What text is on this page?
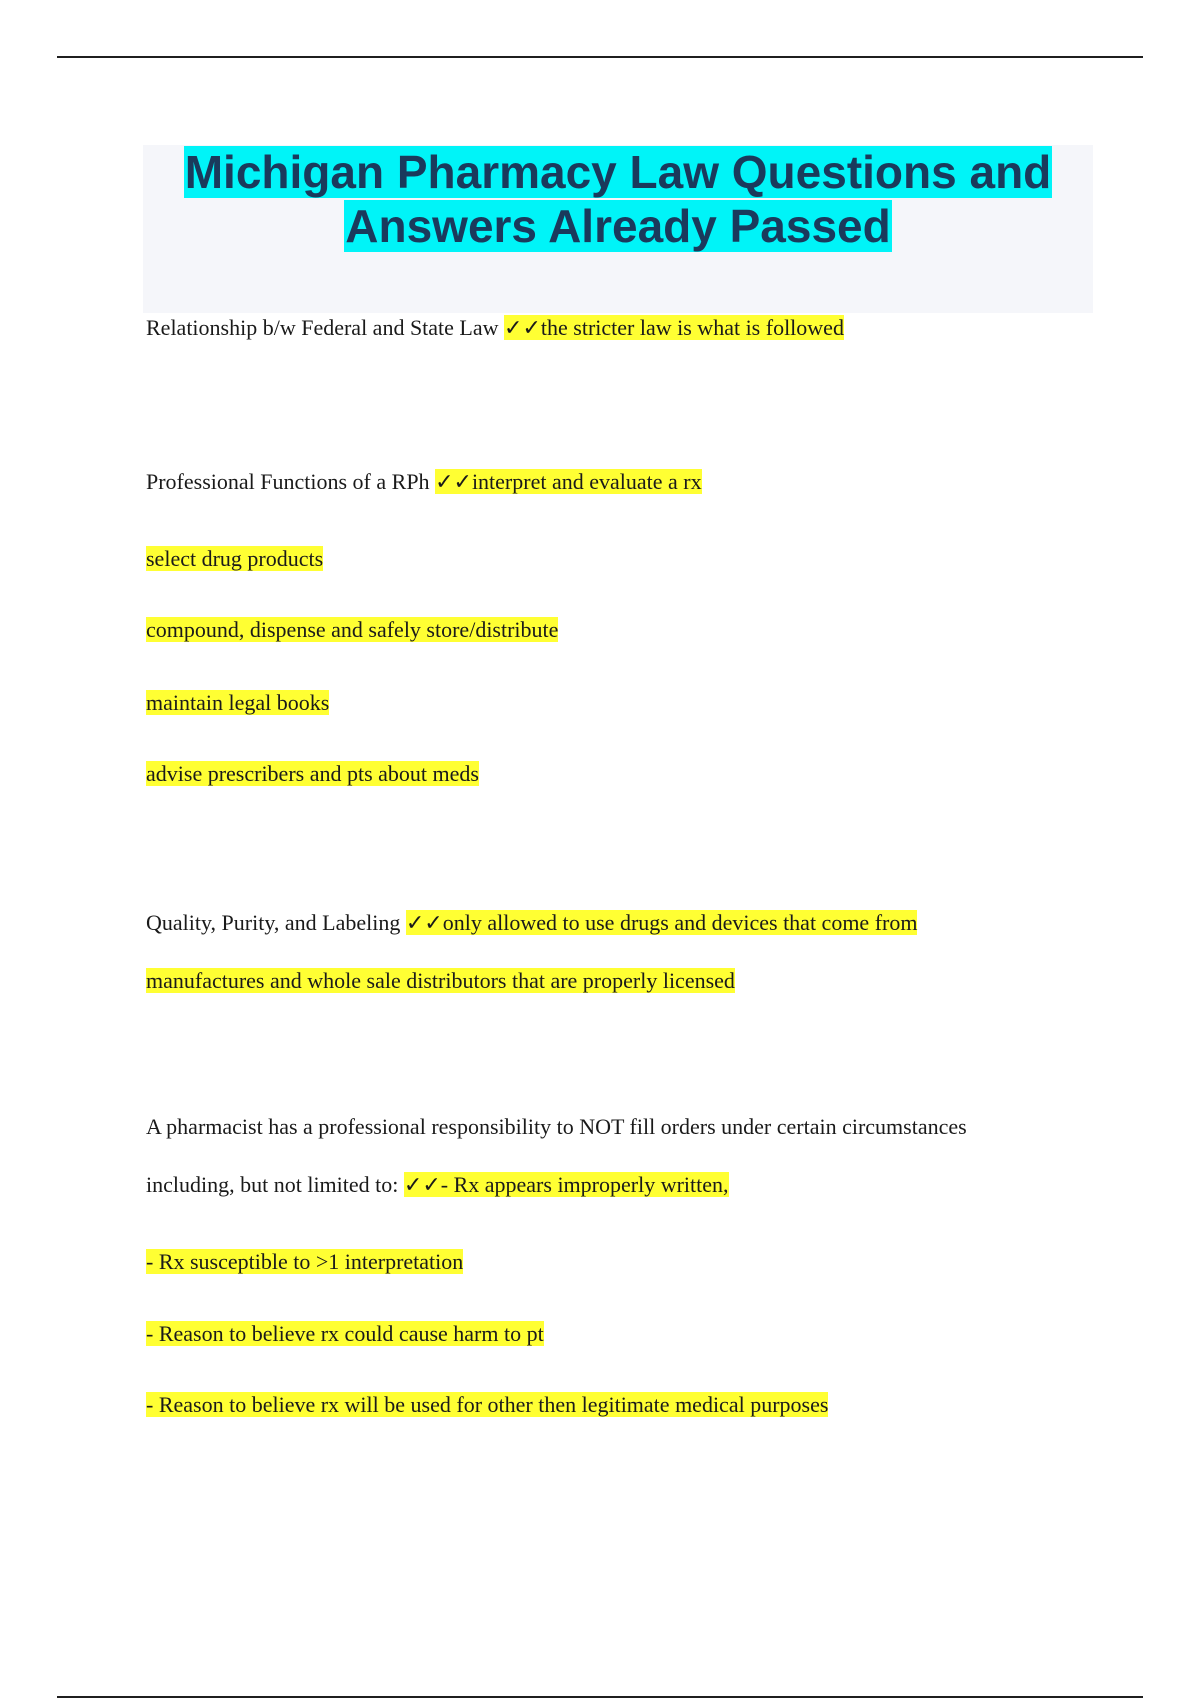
Michigan Pharmacy Law Questions and
Answers Already Passed
Relationship b/w Federal and State Law ✓✓the stricter law is what is followed
Professional Functions of a RPh ✓✓interpret and evaluate a rx
select drug products
compound, dispense and safely store/distribute
maintain legal books
advise prescribers and pts about meds
Quality, Purity, and Labeling ✓✓only allowed to use drugs and devices that come from
manufactures and whole sale distributors that are properly licensed
A pharmacist has a professional responsibility to NOT fill orders under certain circumstances
including, but not limited to: ✓✓- Rx appears improperly written,
- Rx susceptible to >1 interpretation
- Reason to believe rx could cause harm to pt
- Reason to believe rx will be used for other then legitimate medical purposes
